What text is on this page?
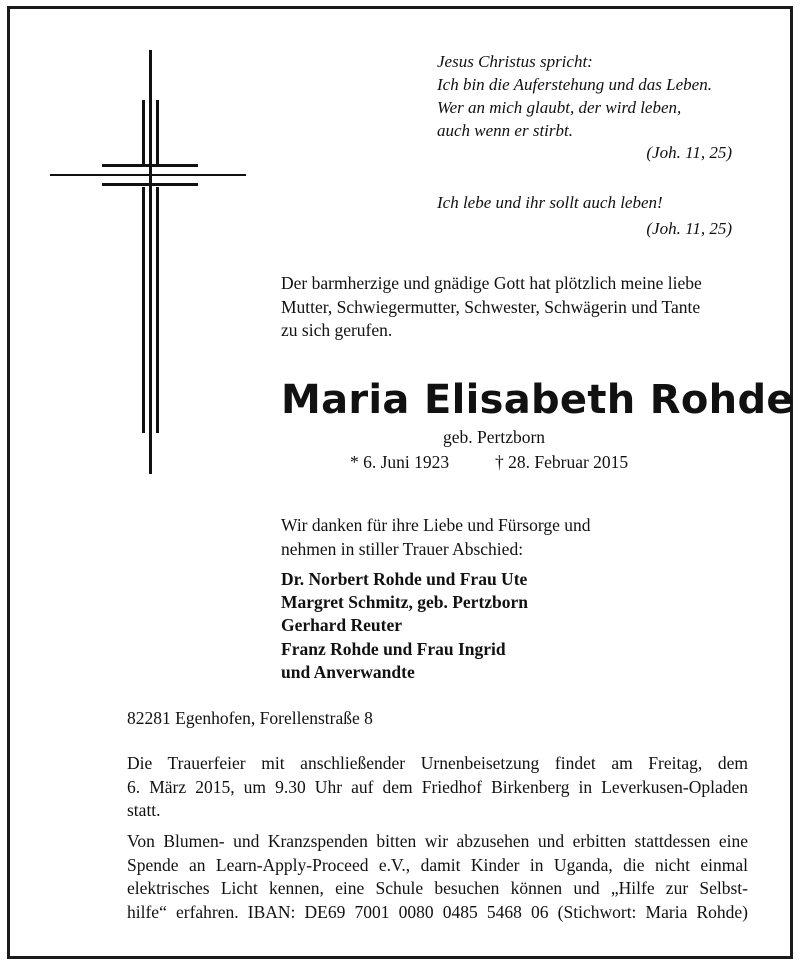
Jesus Christus spricht:
Ich bin die Auferstehung und das Leben.
Wer an mich glaubt, der wird leben,
auch wenn er stirbt.
(Joh. 11, 25)
Ich lebe und ihr sollt auch leben!
(Joh. 11, 25)
Der barmherzige und gnädige Gott hat plötzlich meine liebe
Mutter, Schwiegermutter, Schwester, Schwägerin und Tante
zu sich gerufen.
Maria Elisabeth Rohde
geb. Pertzborn
* 6. Juni 1923	† 28. Februar 2015
Wir danken für ihre Liebe und Fürsorge und
nehmen in stiller Trauer Abschied:
Dr. Norbert Rohde und Frau Ute
Margret Schmitz, geb. Pertzborn
Gerhard Reuter
Franz Rohde und Frau Ingrid
und Anverwandte
82281 Egenhofen, Forellenstraße 8
Die Trauerfeier mit anschließender Urnenbeisetzung findet am Freitag, dem
6. März 2015, um 9.30 Uhr auf dem Friedhof Birkenberg in Leverkusen-Opladen
statt.
Von Blumen- und Kranzspenden bitten wir abzusehen und erbitten stattdessen eine
Spende an Learn-Apply-Proceed e.V., damit Kinder in Uganda, die nicht einmal
elektrisches Licht kennen, eine Schule besuchen können und „Hilfe zur Selbst-
hilfe“ erfahren. IBAN: DE69 7001 0080 0485 5468 06 (Stichwort: Maria Rohde)
